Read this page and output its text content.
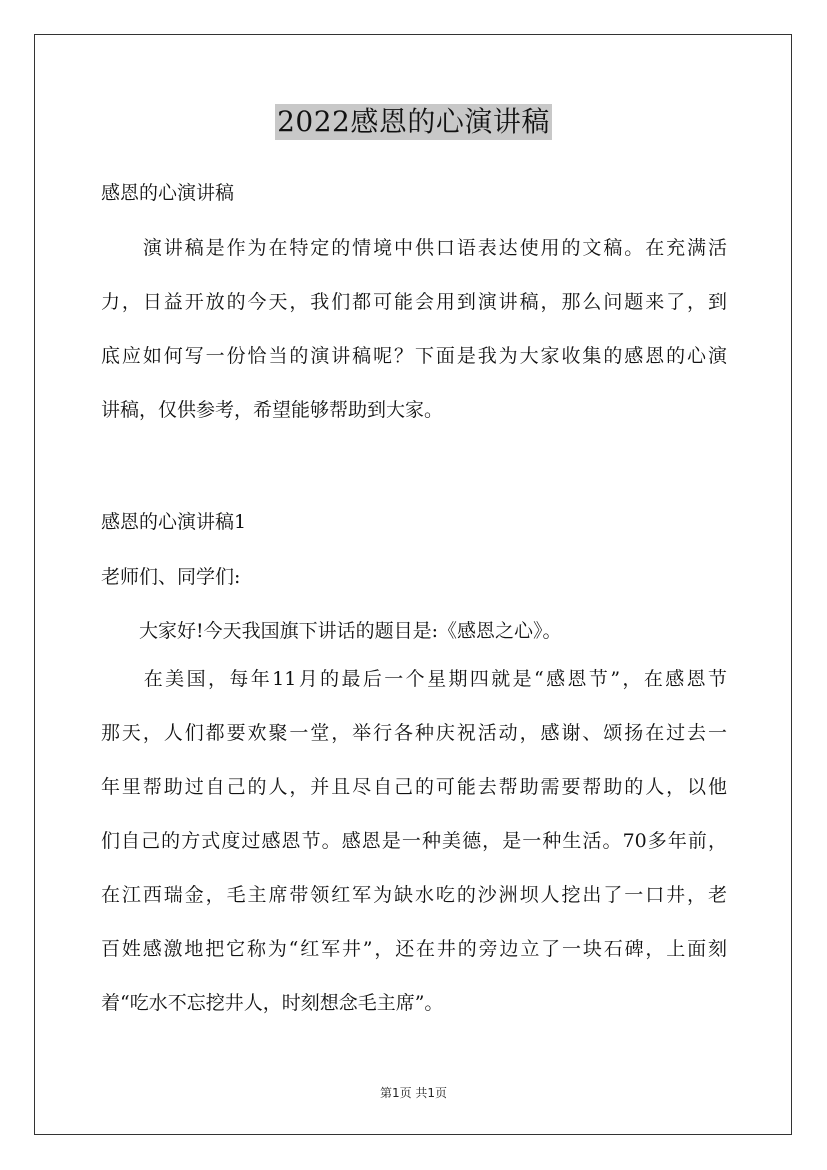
2022感恩的心演讲稿
感恩的心演讲稿
　　演讲稿是作为在特定的情境中供口语表达使用的文稿。在充满活
力，日益开放的今天，我们都可能会用到演讲稿，那么问题来了，到
底应如何写一份恰当的演讲稿呢？下面是我为大家收集的感恩的心演
讲稿，仅供参考，希望能够帮助到大家。
感恩的心演讲稿1
老师们、同学们:
　　大家好!今天我国旗下讲话的题目是:《感恩之心》。
　　在美国，每年11月的最后一个星期四就是“感恩节”，在感恩节
那天，人们都要欢聚一堂，举行各种庆祝活动，感谢、颂扬在过去一
年里帮助过自己的人，并且尽自己的可能去帮助需要帮助的人，以他
们自己的方式度过感恩节。感恩是一种美德，是一种生活。70多年前，
在江西瑞金，毛主席带领红军为缺水吃的沙洲坝人挖出了一口井，老
百姓感激地把它称为“红军井”，还在井的旁边立了一块石碑，上面刻
着“吃水不忘挖井人，时刻想念毛主席”。
第1页 共1页
